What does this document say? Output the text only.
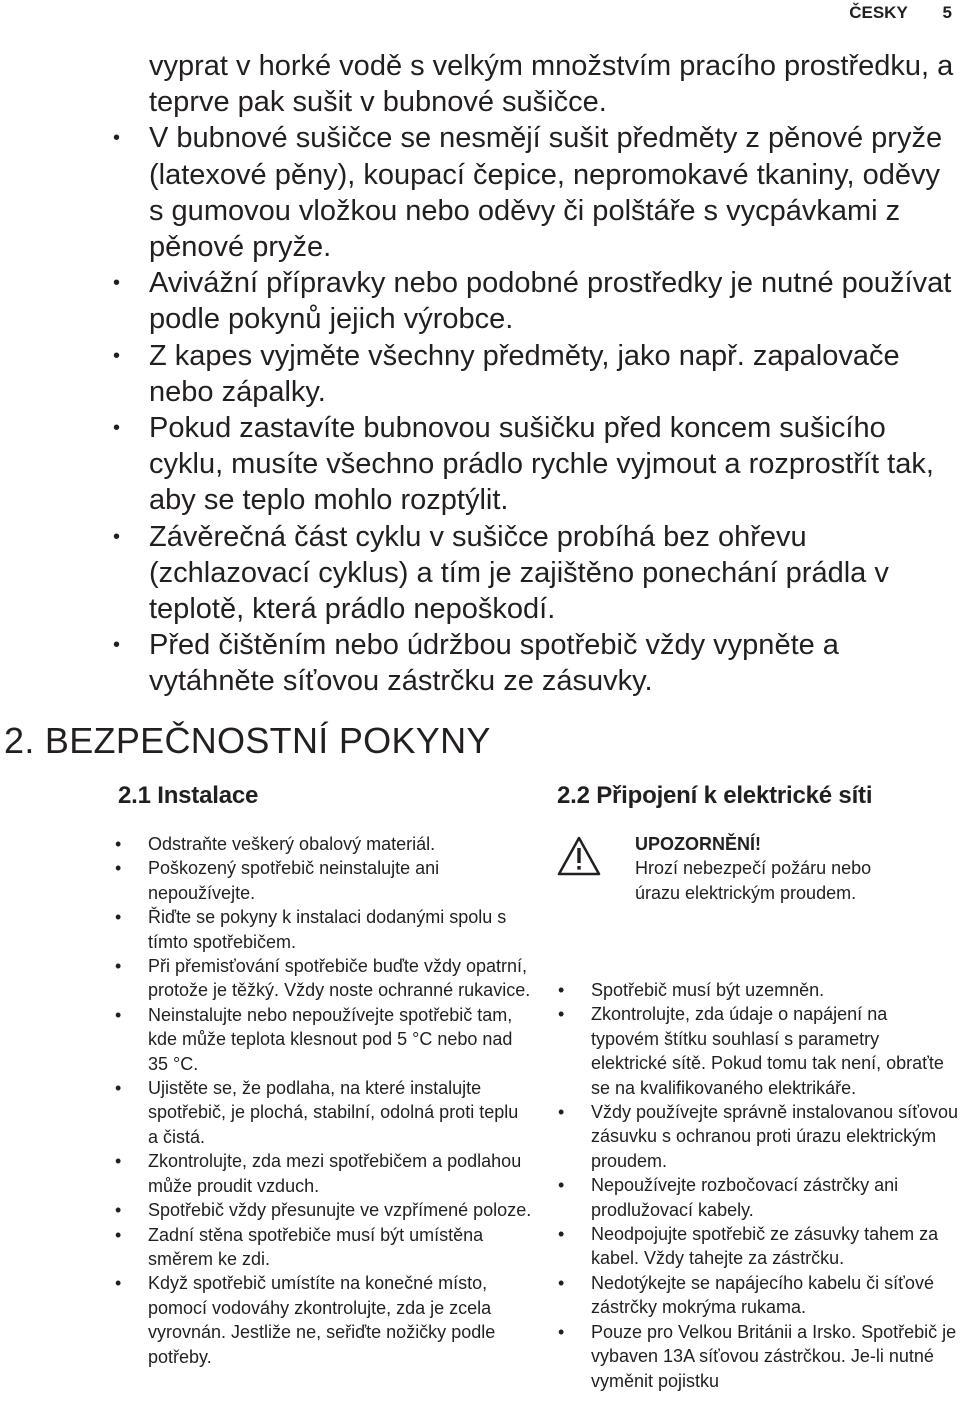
ČESKY 5
vyprat v horké vodě s velkým množstvím pracího prostředku, a teprve pak sušit v bubnové sušičce.
• V bubnové sušičce se nesmějí sušit předměty z pěnové pryže (latexové pěny), koupací čepice, nepromokavé tkaniny, oděvy s gumovou vložkou nebo oděvy či polštáře s vycpávkami z pěnové pryže.
• Avivážní přípravky nebo podobné prostředky je nutné používat podle pokynů jejich výrobce.
• Z kapes vyjměte všechny předměty, jako např. zapalovače nebo zápalky.
• Pokud zastavíte bubnovou sušičku před koncem sušicího cyklu, musíte všechno prádlo rychle vyjmout a rozprostřít tak, aby se teplo mohlo rozptýlit.
• Závěrečná část cyklu v sušičce probíhá bez ohřevu (zchlazovací cyklus) a tím je zajištěno ponechání prádla v teplotě, která prádlo nepoškodí.
• Před čištěním nebo údržbou spotřebič vždy vypněte a vytáhněte síťovou zástrčku ze zásuvky.
2. BEZPEČNOSTNÍ POKYNY
2.1 Instalace
• Odstraňte veškerý obalový materiál.
• Poškozený spotřebič neinstalujte ani nepoužívejte.
• Řiďte se pokyny k instalaci dodanými spolu s tímto spotřebičem.
• Při přemisťování spotřebiče buďte vždy opatrní, protože je těžký. Vždy noste ochranné rukavice.
• Neinstalujte nebo nepoužívejte spotřebič tam, kde může teplota klesnout pod 5 °C nebo nad 35 °C.
• Ujistěte se, že podlaha, na které instalujte spotřebič, je plochá, stabilní, odolná proti teplu a čistá.
• Zkontrolujte, zda mezi spotřebičem a podlahou může proudit vzduch.
• Spotřebič vždy přesunujte ve vzpřímené poloze.
• Zadní stěna spotřebiče musí být umístěna směrem ke zdi.
• Když spotřebič umístíte na konečné místo, pomocí vodováhy zkontrolujte, zda je zcela vyrovnán. Jestliže ne, seřiďte nožičky podle potřeby.
2.2 Připojení k elektrické síti
UPOZORNĚNÍ!
Hrozí nebezpečí požáru nebo úrazu elektrickým proudem.
• Spotřebič musí být uzemněn.
• Zkontrolujte, zda údaje o napájení na typovém štítku souhlasí s parametry elektrické sítě. Pokud tomu tak není, obraťte se na kvalifikovaného elektrikáře.
• Vždy používejte správně instalovanou síťovou zásuvku s ochranou proti úrazu elektrickým proudem.
• Nepoužívejte rozbočovací zástrčky ani prodlužovací kabely.
• Neodpojujte spotřebič ze zásuvky tahem za kabel. Vždy tahejte za zástrčku.
• Nedotýkejte se napájecího kabelu či síťové zástrčky mokrýma rukama.
• Pouze pro Velkou Británii a Irsko. Spotřebič je vybaven 13A síťovou zástrčkou. Je-li nutné vyměnit pojistku
